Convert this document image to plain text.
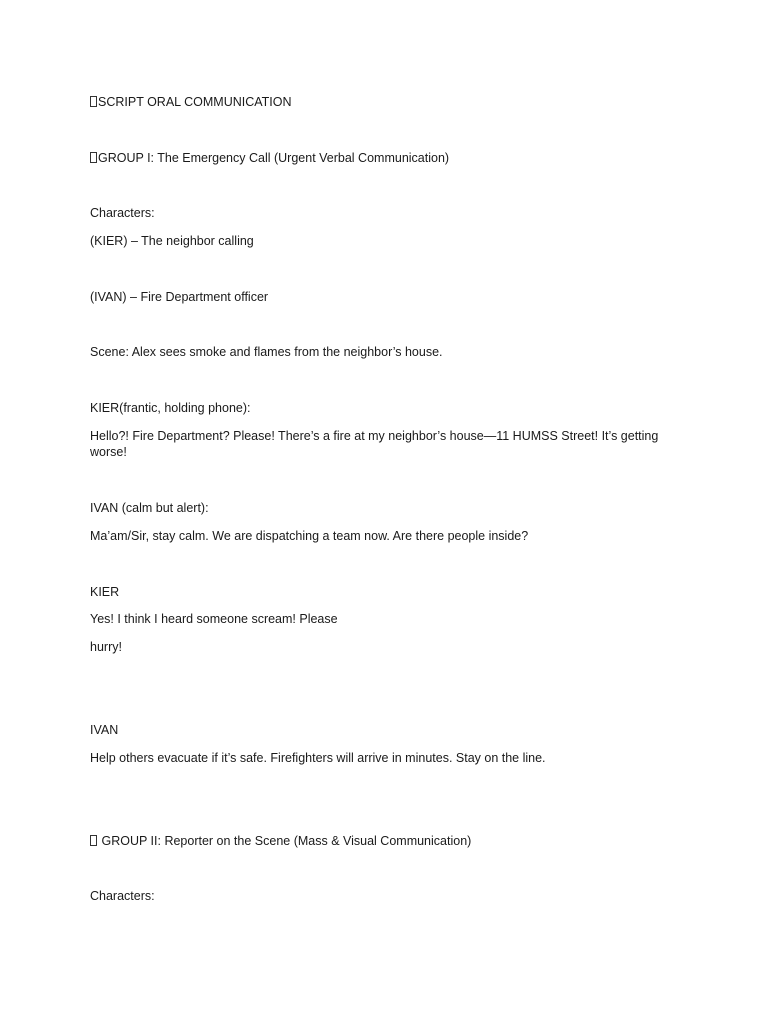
SCRIPT ORAL COMMUNICATION
GROUP I: The Emergency Call (Urgent Verbal Communication)
Characters:
(KIER) – The neighbor calling
(IVAN) – Fire Department officer
Scene: Alex sees smoke and flames from the neighbor’s house.
KIER(frantic, holding phone):
Hello?! Fire Department? Please! There’s a fire at my neighbor’s house—11 HUMSS Street! It’s getting worse!
IVAN (calm but alert):
Ma’am/Sir, stay calm. We are dispatching a team now. Are there people inside?
KIER
Yes! I think I heard someone scream! Please
hurry!
IVAN
Help others evacuate if it’s safe. Firefighters will arrive in minutes. Stay on the line.
GROUP II: Reporter on the Scene (Mass & Visual Communication)
Characters:
